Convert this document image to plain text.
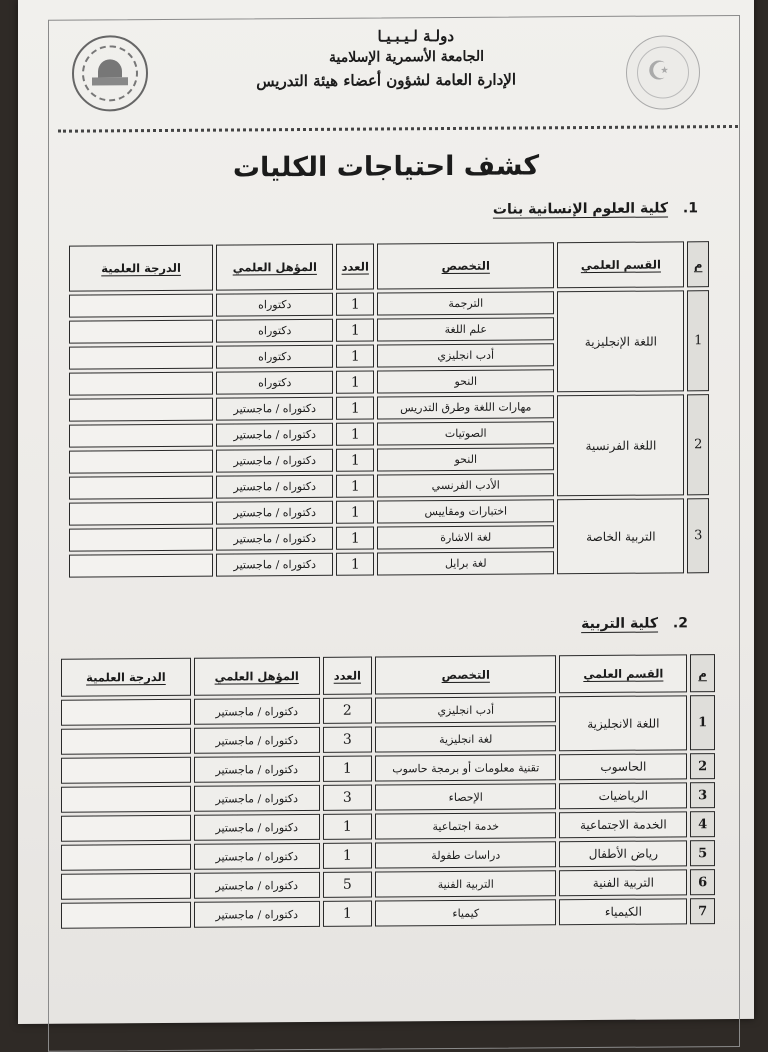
☪
دولـة لـيـبـيـا
الجامعة الأسمرية الإسلامية
الإدارة العامة لشؤون أعضاء هيئة التدريس
كشف احتياجات الكليات
1. كلية العلوم الإنسانية بنات
م	القسم العلمي	التخصص	العدد	المؤهل العلمي	الدرجة العلمية
1	اللغة الإنجليزية	الترجمة	1	دكتوراه	
		علم اللغة	1	دكتوراه	
		أدب انجليزي	1	دكتوراه	
		النحو	1	دكتوراه	
2	اللغة الفرنسية	مهارات اللغة وطرق التدريس	1	دكتوراه / ماجستير	
		الصوتيات	1	دكتوراه / ماجستير	
		النحو	1	دكتوراه / ماجستير	
		الأدب الفرنسي	1	دكتوراه / ماجستير	
3	التربية الخاصة	اختبارات ومقاييس	1	دكتوراه / ماجستير	
		لغة الاشارة	1	دكتوراه / ماجستير	
		لغة برايل	1	دكتوراه / ماجستير	
2. كلية التربية
م	القسم العلمي	التخصص	العدد	المؤهل العلمي	الدرجة العلمية
1	اللغة الانجليزية	أدب انجليزي	2	دكتوراه / ماجستير	
		لغة انجليزية	3	دكتوراه / ماجستير	
2	الحاسوب	تقنية معلومات أو برمجة حاسوب	1	دكتوراه / ماجستير	
3	الرياضيات	الإحصاء	3	دكتوراه / ماجستير	
4	الخدمة الاجتماعية	خدمة اجتماعية	1	دكتوراه / ماجستير	
5	رياض الأطفال	دراسات طفولة	1	دكتوراه / ماجستير	
6	التربية الفنية	التربية الفنية	5	دكتوراه / ماجستير	
7	الكيمياء	كيمياء	1	دكتوراه / ماجستير	
